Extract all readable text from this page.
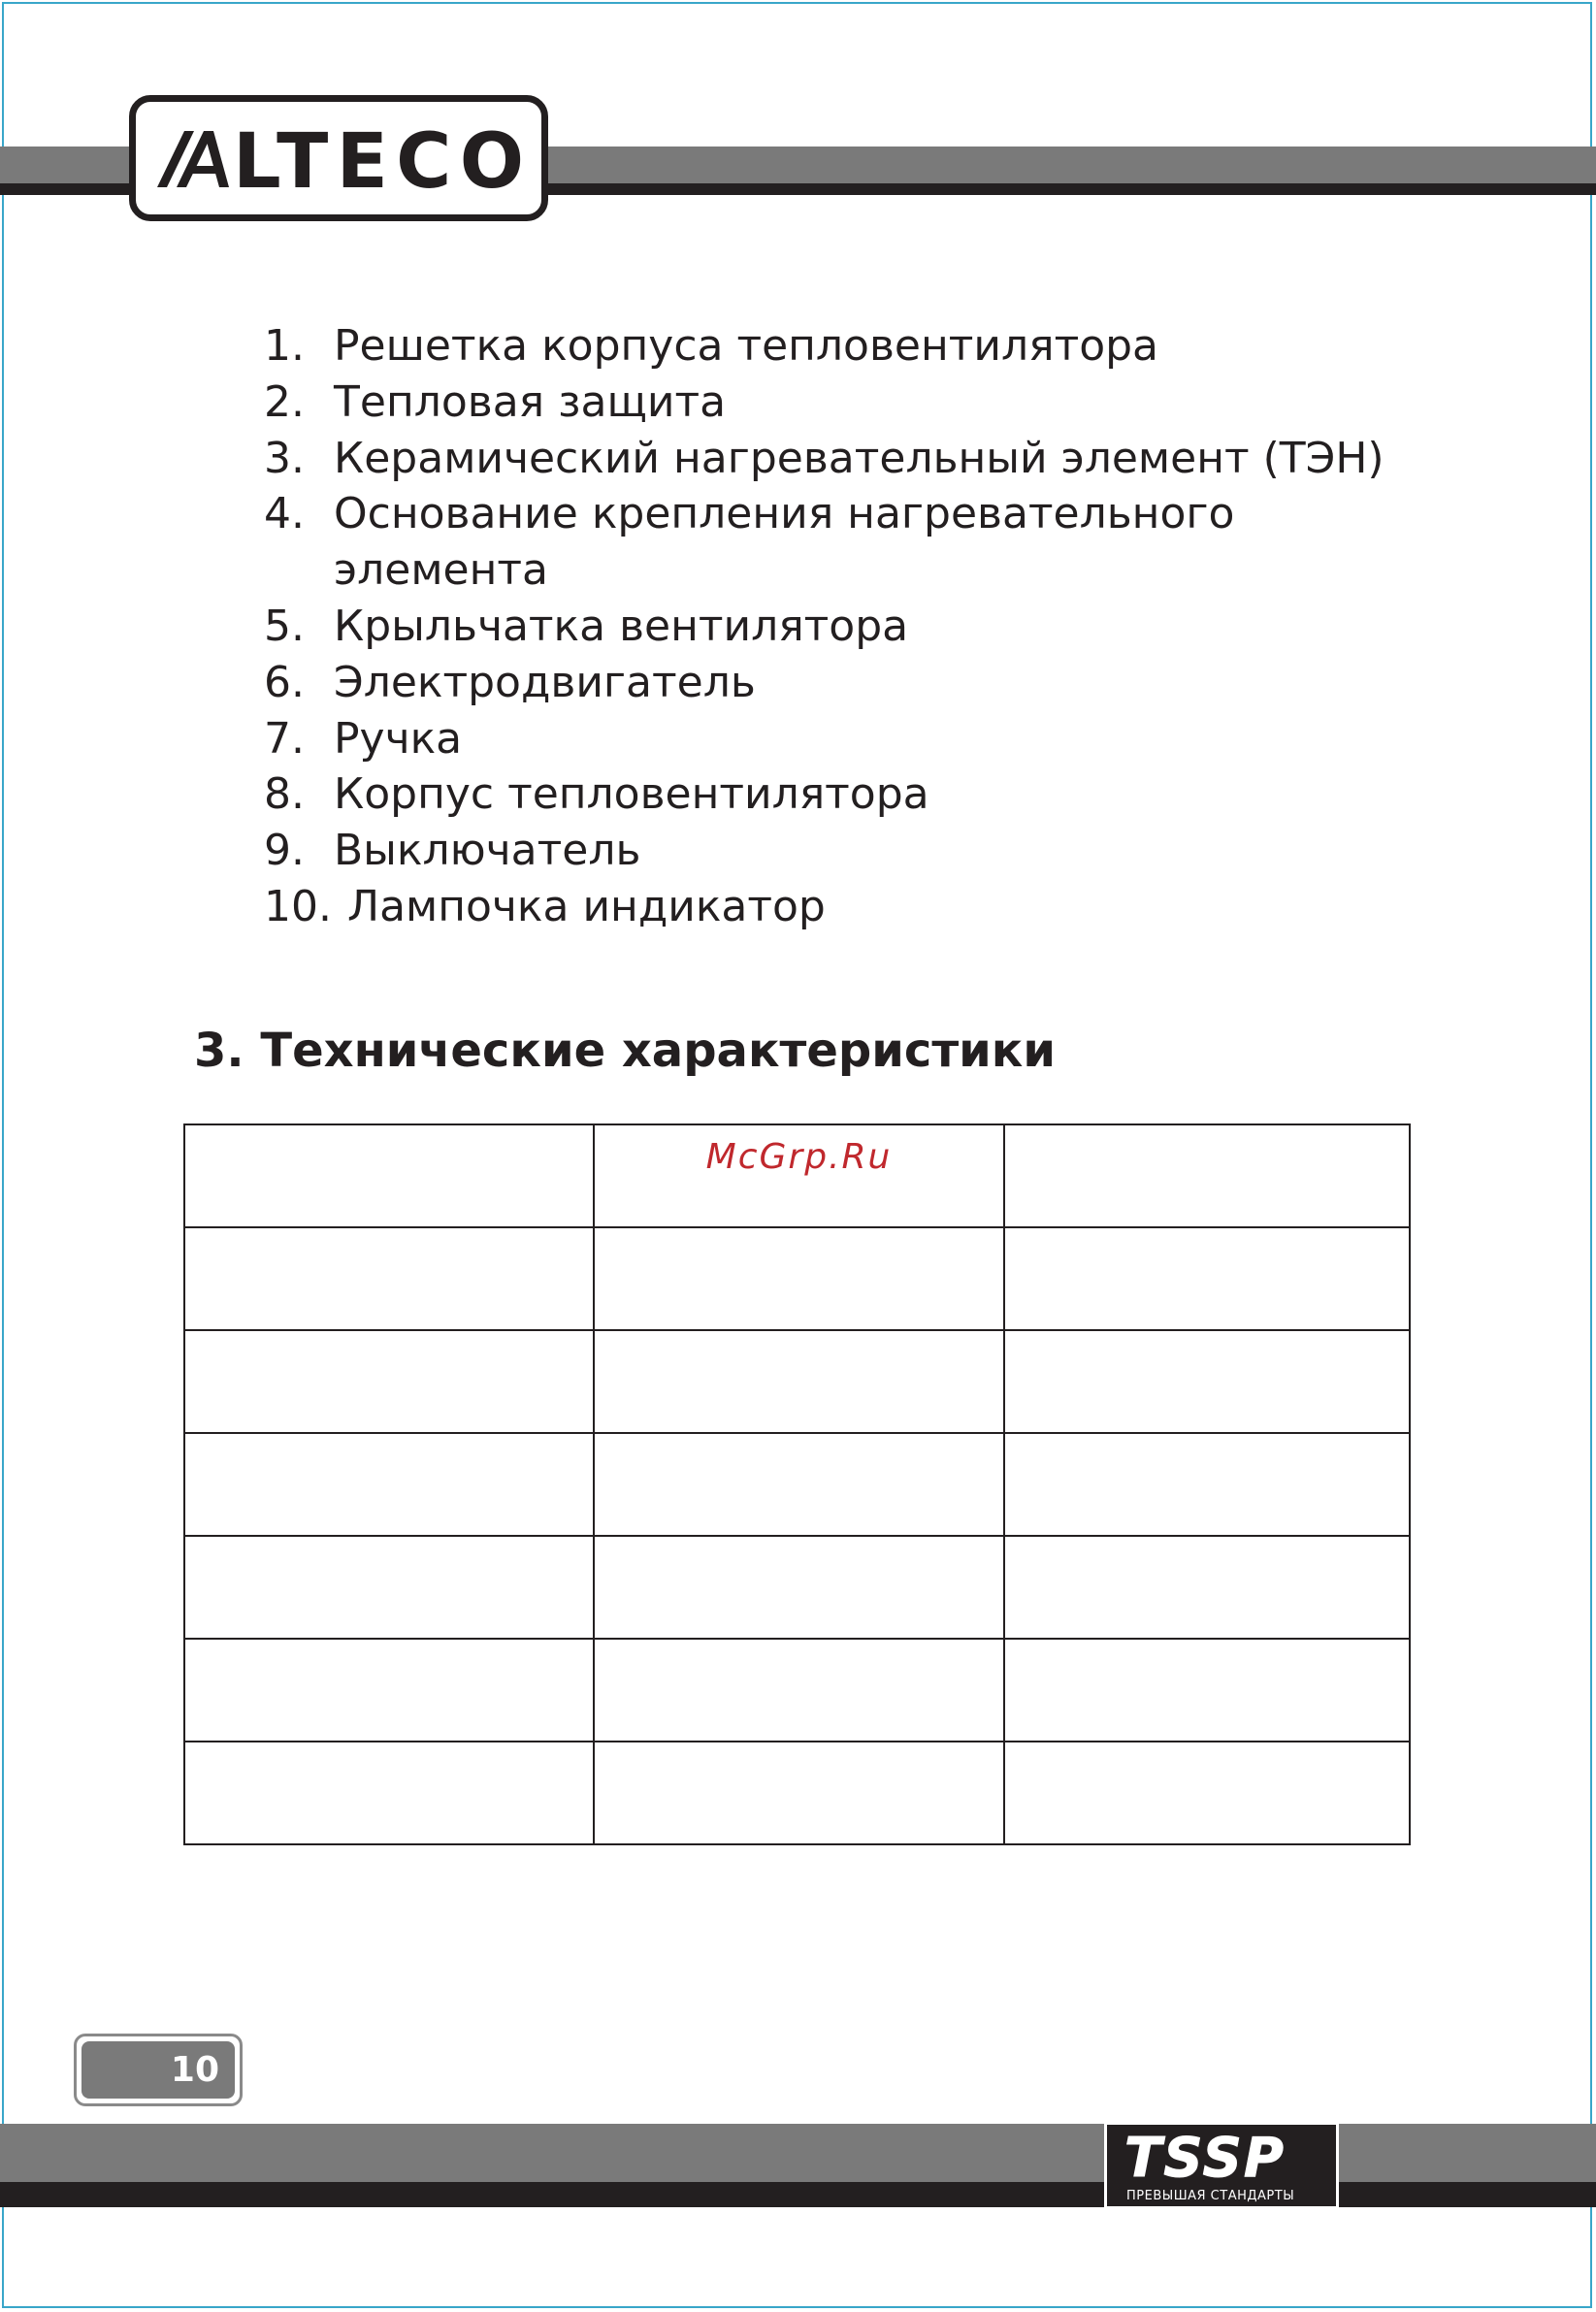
LTECO
1. Решетка корпуса тепловентилятора
2. Тепловая защита
3. Керамический нагревательный элемент (ТЭН)
4. Основание крепления нагревательного
элемента
5. Крыльчатка вентилятора
6. Электродвигатель
7. Ручка
8. Корпус тепловентилятора
9. Выключатель
10. Лампочка индикатор
3. Технические характеристики

	McGrp.Ru	

10
TSSP
ПРЕВЫШАЯ СТАНДАРТЫ
